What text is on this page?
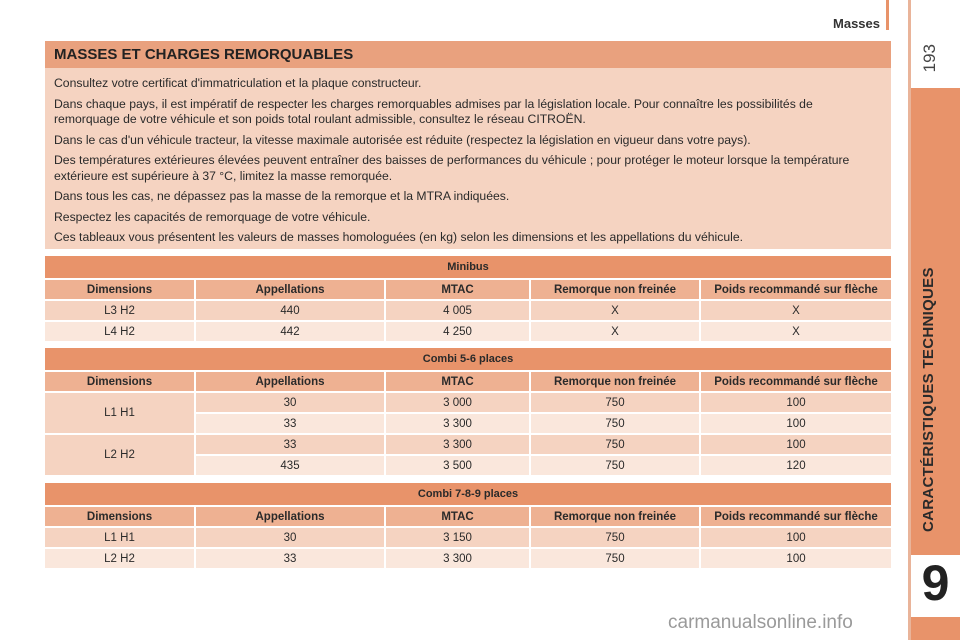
Masses
193
CARACTÉRISTIQUES TECHNIQUES
9
MASSES ET CHARGES REMORQUABLES

Consultez votre certificat d'immatriculation et la plaque constructeur.

Dans chaque pays, il est impératif de respecter les charges remorquables admises par la législation locale. Pour connaître les possibilités de remorquage de votre véhicule et son poids total roulant admissible, consultez le réseau CITROËN.

Dans le cas d'un véhicule tracteur, la vitesse maximale autorisée est réduite (respectez la législation en vigueur dans votre pays).

Des températures extérieures élevées peuvent entraîner des baisses de performances du véhicule ; pour protéger le moteur lorsque la température extérieure est supérieure à 37 °C, limitez la masse remorquée.

Dans tous les cas, ne dépassez pas la masse de la remorque et la MTRA indiquées.

Respectez les capacités de remorquage de votre véhicule.

Ces tableaux vous présentent les valeurs de masses homologuées (en kg) selon les dimensions et les appellations du véhicule.

Minibus				
Dimensions	Appellations	MTAC	Remorque non freinée	Poids recommandé sur flèche
L3 H2	440	4 005	X	X
L4 H2	442	4 250	X	X
Combi 5-6 places				
Dimensions	Appellations	MTAC	Remorque non freinée	Poids recommandé sur flèche
L1 H1	30	3 000	750	100
	33	3 300	750	100
L2 H2	33	3 300	750	100
	435	3 500	750	120
Combi 7-8-9 places				
Dimensions	Appellations	MTAC	Remorque non freinée	Poids recommandé sur flèche
L1 H1	30	3 150	750	100
L2 H2	33	3 300	750	100
carmanualsonline.info
